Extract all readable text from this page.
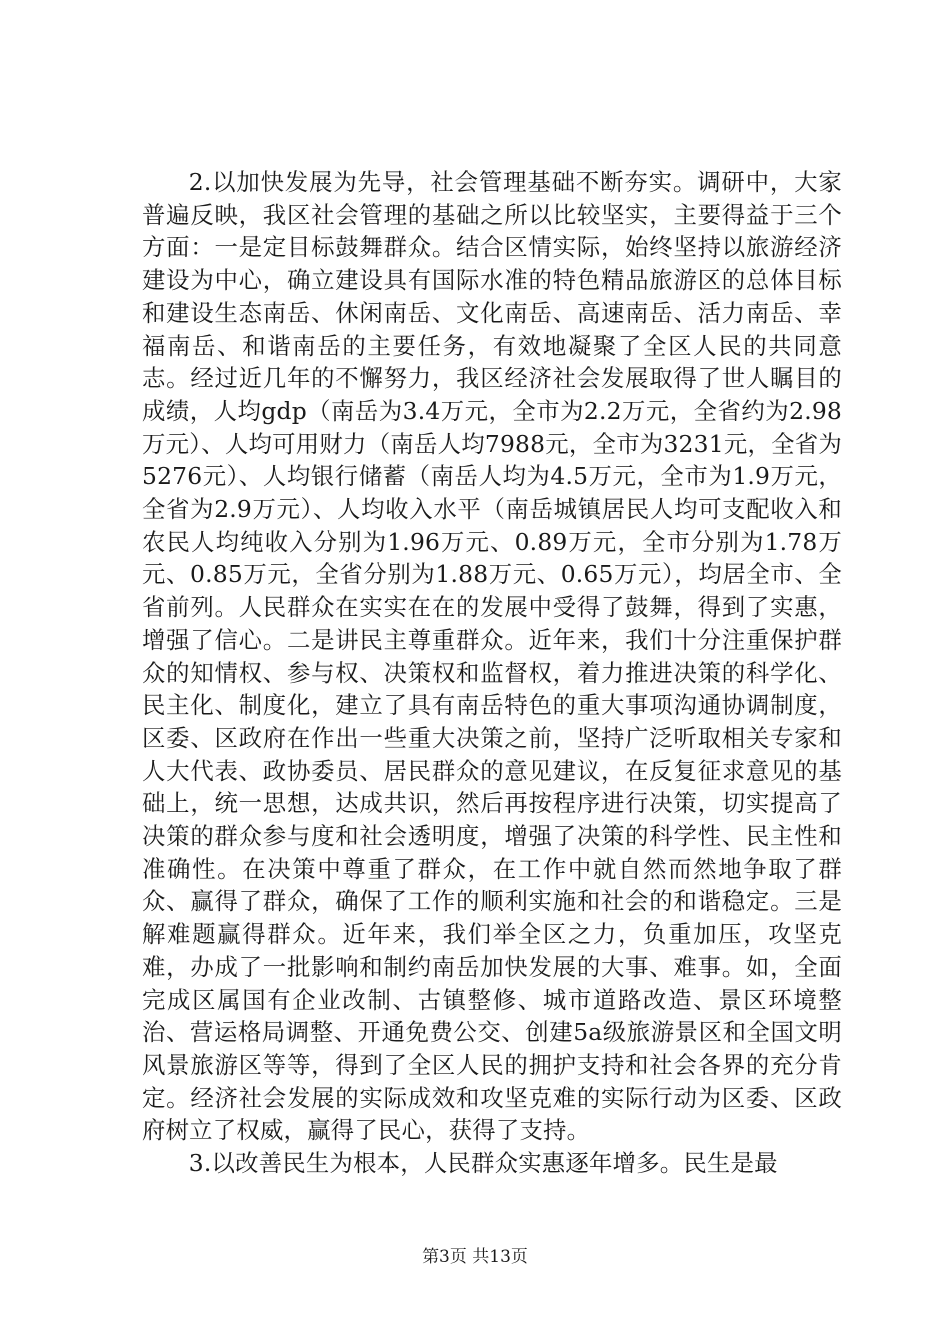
2.以加快发展为先导，社会管理基础不断夯实。调研中，大家普遍反映，我区社会管理的基础之所以比较坚实，主要得益于三个方面：一是定目标鼓舞群众。结合区情实际，始终坚持以旅游经济建设为中心，确立建设具有国际水准的特色精品旅游区的总体目标和建设生态南岳、休闲南岳、文化南岳、高速南岳、活力南岳、幸福南岳、和谐南岳的主要任务，有效地凝聚了全区人民的共同意志。经过近几年的不懈努力，我区经济社会发展取得了世人瞩目的成绩，人均gdp（南岳为3.4万元，全市为2.2万元，全省约为2.98万元）、人均可用财力（南岳人均7988元，全市为3231元，全省为5276元）、人均银行储蓄（南岳人均为4.5万元，全市为1.9万元，全省为2.9万元）、人均收入水平（南岳城镇居民人均可支配收入和农民人均纯收入分别为1.96万元、0.89万元，全市分别为1.78万元、0.85万元，全省分别为1.88万元、0.65万元），均居全市、全省前列。人民群众在实实在在的发展中受得了鼓舞，得到了实惠，增强了信心。二是讲民主尊重群众。近年来，我们十分注重保护群众的知情权、参与权、决策权和监督权，着力推进决策的科学化、民主化、制度化，建立了具有南岳特色的重大事项沟通协调制度，区委、区政府在作出一些重大决策之前，坚持广泛听取相关专家和人大代表、政协委员、居民群众的意见建议，在反复征求意见的基础上，统一思想，达成共识，然后再按程序进行决策，切实提高了决策的群众参与度和社会透明度，增强了决策的科学性、民主性和准确性。在决策中尊重了群众，在工作中就自然而然地争取了群众、赢得了群众，确保了工作的顺利实施和社会的和谐稳定。三是解难题赢得群众。近年来，我们举全区之力，负重加压，攻坚克难，办成了一批影响和制约南岳加快发展的大事、难事。如，全面完成区属国有企业改制、古镇整修、城市道路改造、景区环境整治、营运格局调整、开通免费公交、创建5a级旅游景区和全国文明风景旅游区等等，得到了全区人民的拥护支持和社会各界的充分肯定。经济社会发展的实际成效和攻坚克难的实际行动为区委、区政府树立了权威，赢得了民心，获得了支持。

3.以改善民生为根本，人民群众实惠逐年增多。民生是最

第3页 共13页
